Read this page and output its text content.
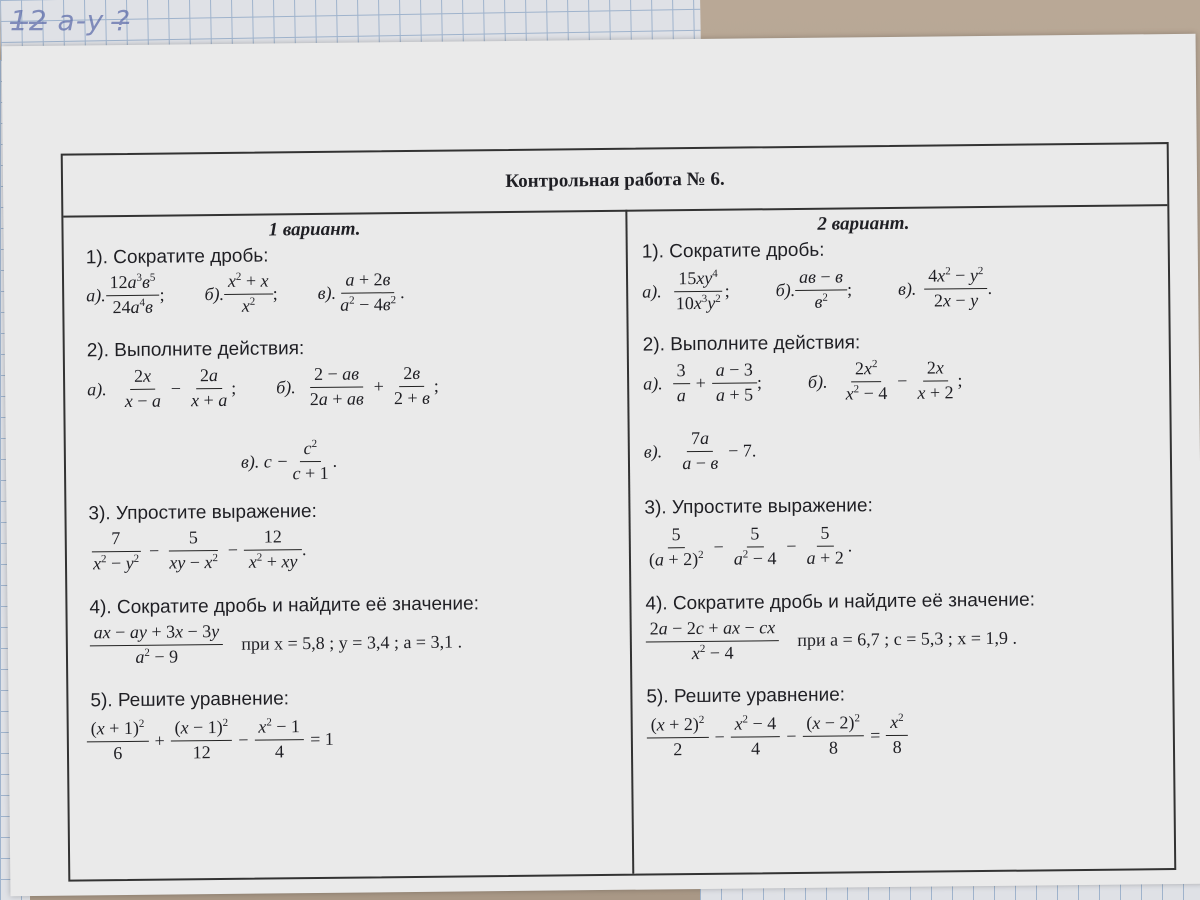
1̶2̶ a-y ?̶
Контрольная работа № 6.
1 вариант.
1). Сократите дробь:
а). $\frac{12a^3в^5}{24a^4в}$ ; б). $\frac{x^2 + x}{x^2}$ ; в). $\frac{a + 2в}{a^2 - 4в^2}$ .
2). Выполните действия:
а). $\frac{2x}{x - a} - \frac{2a}{x + a}$ ; б). $\frac{2 - aв}{2a + aв} + \frac{2в}{2 + в}$ ;
в). $c - \frac{c^2}{c + 1}$ .
3). Упростите выражение:
$\frac{7}{x^2 - y^2} - \frac{5}{xy - x^2} - \frac{12}{x^2 + xy}$ .
4). Сократите дробь и найдите её значение:
$\frac{ax - ay + 3x - 3y}{a^2 - 9}$ при x = 5,8 ; y = 3,4 ; a = 3,1 .
5). Решите уравнение:
$\frac{(x + 1)^2}{6} + \frac{(x - 1)^2}{12} - \frac{x^2 - 1}{4} = 1$
2 вариант.
1). Сократите дробь:
а). $\frac{15xy^4}{10x^3y^2}$ ;	б). $\frac{aв - в}{в^2}$ ;	в). $\frac{4x^2 - y^2}{2x - y}$ .
2). Выполните действия:
а). $\frac{3}{a} + \frac{a - 3}{a + 5}$ ;	б). $\frac{2x^2}{x^2 - 4} - \frac{2x}{x + 2}$ ;
в). $\frac{7a}{a - в} - 7$.
3). Упростите выражение:
$\frac{5}{(a + 2)^2} - \frac{5}{a^2 - 4} - \frac{5}{a + 2}$ .
4). Сократите дробь и найдите её значение:
$\frac{2a - 2c + ax - cx}{x^2 - 4}$ при a = 6,7 ; c = 5,3 ; x = 1,9 .
5). Решите уравнение:
$\frac{(x + 2)^2}{2} - \frac{x^2 - 4}{4} - \frac{(x - 2)^2}{8} = \frac{x^2}{8}$
